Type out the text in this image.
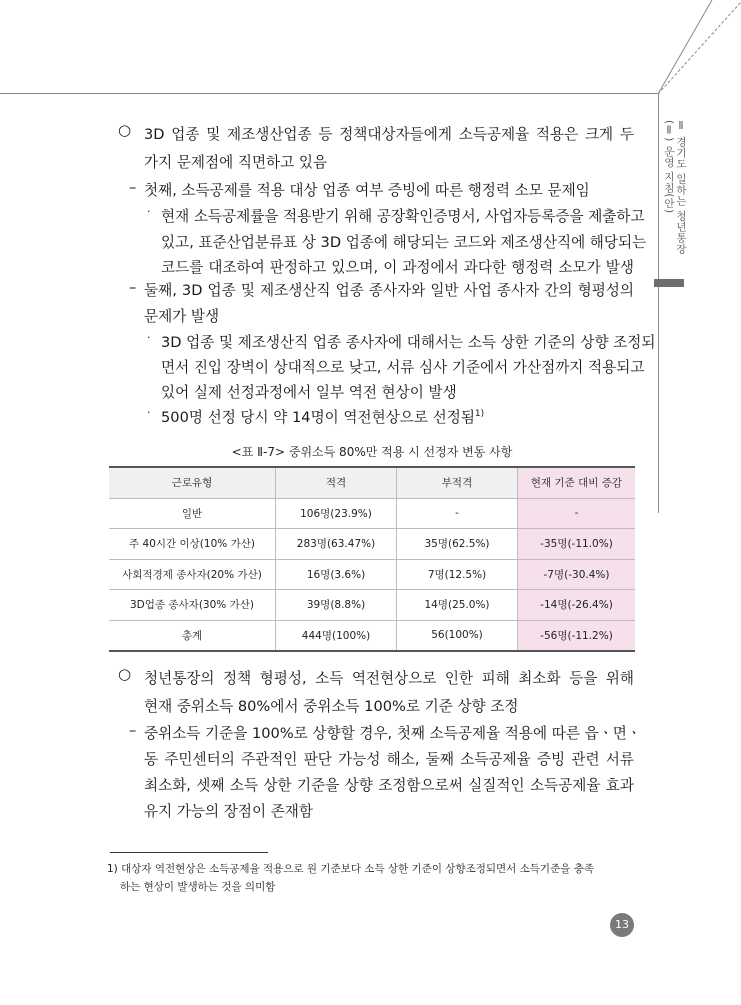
Ⅱ 경기도 일하는 청년통장(Ⅱ) 운영 지침(안)
○ 3D 업종 및 제조생산업종 등 정책대상자들에게 소득공제율 적용은 크게 두
가지 문제점에 직면하고 있음
– 첫째, 소득공제를 적용 대상 업종 여부 증빙에 따른 행정력 소모 문제임
· 현재 소득공제률을 적용받기 위해 공장확인증명서, 사업자등록증을 제출하고
있고, 표준산업분류표 상 3D 업종에 해당되는 코드와 제조생산직에 해당되는
코드를 대조하여 판정하고 있으며, 이 과정에서 과다한 행정력 소모가 발생
– 둘째, 3D 업종 및 제조생산직 업종 종사자와 일반 사업 종사자 간의 형평성의
문제가 발생
· 3D 업종 및 제조생산직 업종 종사자에 대해서는 소득 상한 기준의 상향 조정되
면서 진입 장벽이 상대적으로 낮고, 서류 심사 기준에서 가산점까지 적용되고
있어 실제 선정과정에서 일부 역전 현상이 발생
· 500명 선정 당시 약 14명이 역전현상으로 선정됨$^{1)}$
<표 Ⅱ-7> 중위소득 80%만 적용 시 선정자 변동 사항
근로유형	적격	부적격	현재 기준 대비 증감
일반	106명(23.9%)	-	-
주 40시간 이상(10% 가산)	283명(63.47%)	35명(62.5%)	-35명(-11.0%)
사회적경제 종사자(20% 가산)	16명(3.6%)	7명(12.5%)	-7명(-30.4%)
3D업종 종사자(30% 가산)	39명(8.8%)	14명(25.0%)	-14명(-26.4%)
총계	444명(100%)	56(100%)	-56명(-11.2%)
○ 청년통장의 정책 형평성, 소득 역전현상으로 인한 피해 최소화 등을 위해
현재 중위소득 80%에서 중위소득 100%로 기준 상향 조정
– 중위소득 기준을 100%로 상향할 경우, 첫째 소득공제율 적용에 따른 읍ㆍ면ㆍ
동 주민센터의 주관적인 판단 가능성 해소, 둘째 소득공제율 증빙 관련 서류
최소화, 셋째 소득 상한 기준을 상향 조정함으로써 실질적인 소득공제율 효과
유지 가능의 장점이 존재함
1) 대상자 역전현상은 소득공제율 적용으로 원 기준보다 소득 상한 기준이 상향조정되면서 소득기준을 충족
하는 현상이 발생하는 것을 의미함
13
